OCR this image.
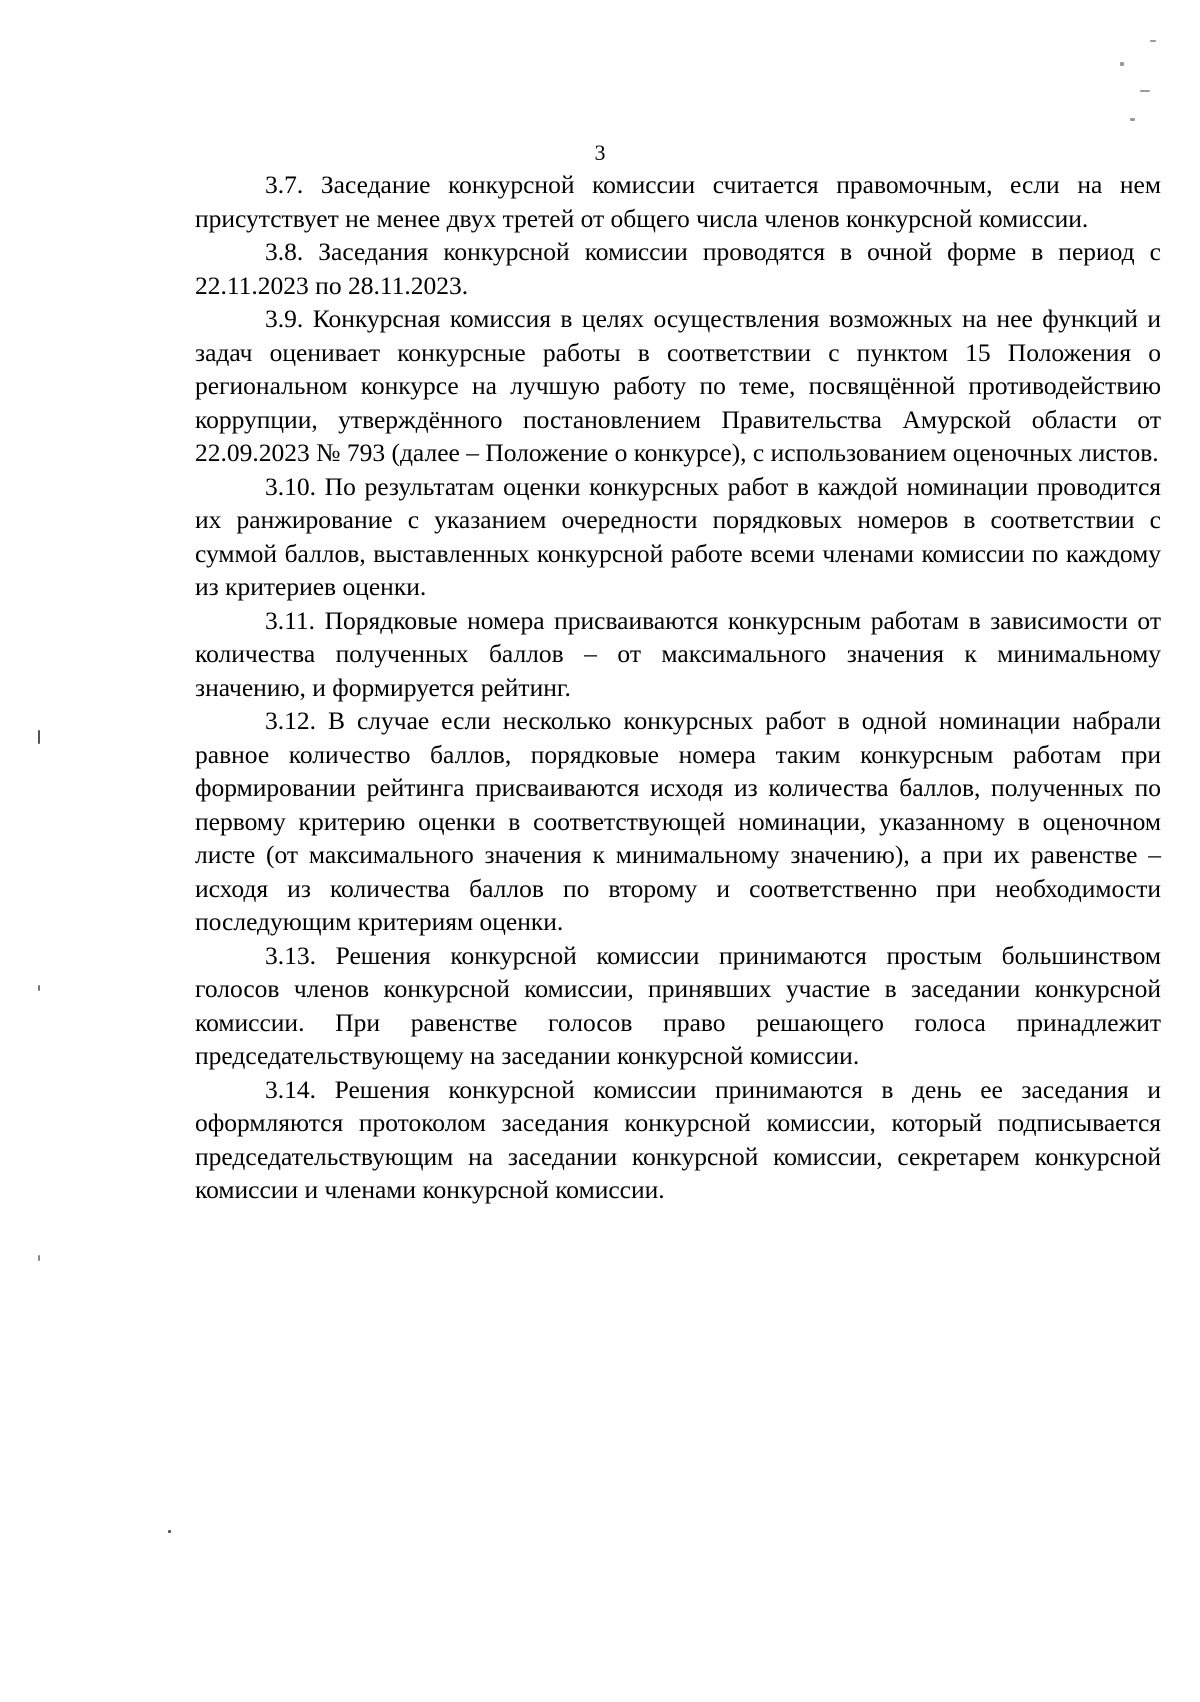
3

3.7. Заседание конкурсной комиссии считается правомочным, если на нем присутствует не менее двух третей от общего числа членов конкурсной комиссии.

3.8. Заседания конкурсной комиссии проводятся в очной форме в период с 22.11.2023 по 28.11.2023.

3.9. Конкурсная комиссия в целях осуществления возможных на нее функций и задач оценивает конкурсные работы в соответствии с пунктом 15 Положения о региональном конкурсе на лучшую работу по теме, посвящённой противодействию коррупции, утверждённого постановлением Правительства Амурской области от 22.09.2023 № 793 (далее – Положение о конкурсе), с использованием оценочных листов.

3.10. По результатам оценки конкурсных работ в каждой номинации проводится их ранжирование с указанием очередности порядковых номеров в соответствии с суммой баллов, выставленных конкурсной работе всеми членами комиссии по каждому из критериев оценки.

3.11. Порядковые номера присваиваются конкурсным работам в зависимости от количества полученных баллов – от максимального значения к минимальному значению, и формируется рейтинг.

3.12. В случае если несколько конкурсных работ в одной номинации набрали равное количество баллов, порядковые номера таким конкурсным работам при формировании рейтинга присваиваются исходя из количества баллов, полученных по первому критерию оценки в соответствующей номинации, указанному в оценочном листе (от максимального значения к минимальному значению), а при их равенстве – исходя из количества баллов по второму и соответственно при необходимости последующим критериям оценки.

3.13. Решения конкурсной комиссии принимаются простым большинством голосов членов конкурсной комиссии, принявших участие в заседании конкурсной комиссии. При равенстве голосов право решающего голоса принадлежит председательствующему на заседании конкурсной комиссии.

3.14. Решения конкурсной комиссии принимаются в день ее заседания и оформляются протоколом заседания конкурсной комиссии, который подписывается председательствующим на заседании конкурсной комиссии, секретарем конкурсной комиссии и членами конкурсной комиссии.
